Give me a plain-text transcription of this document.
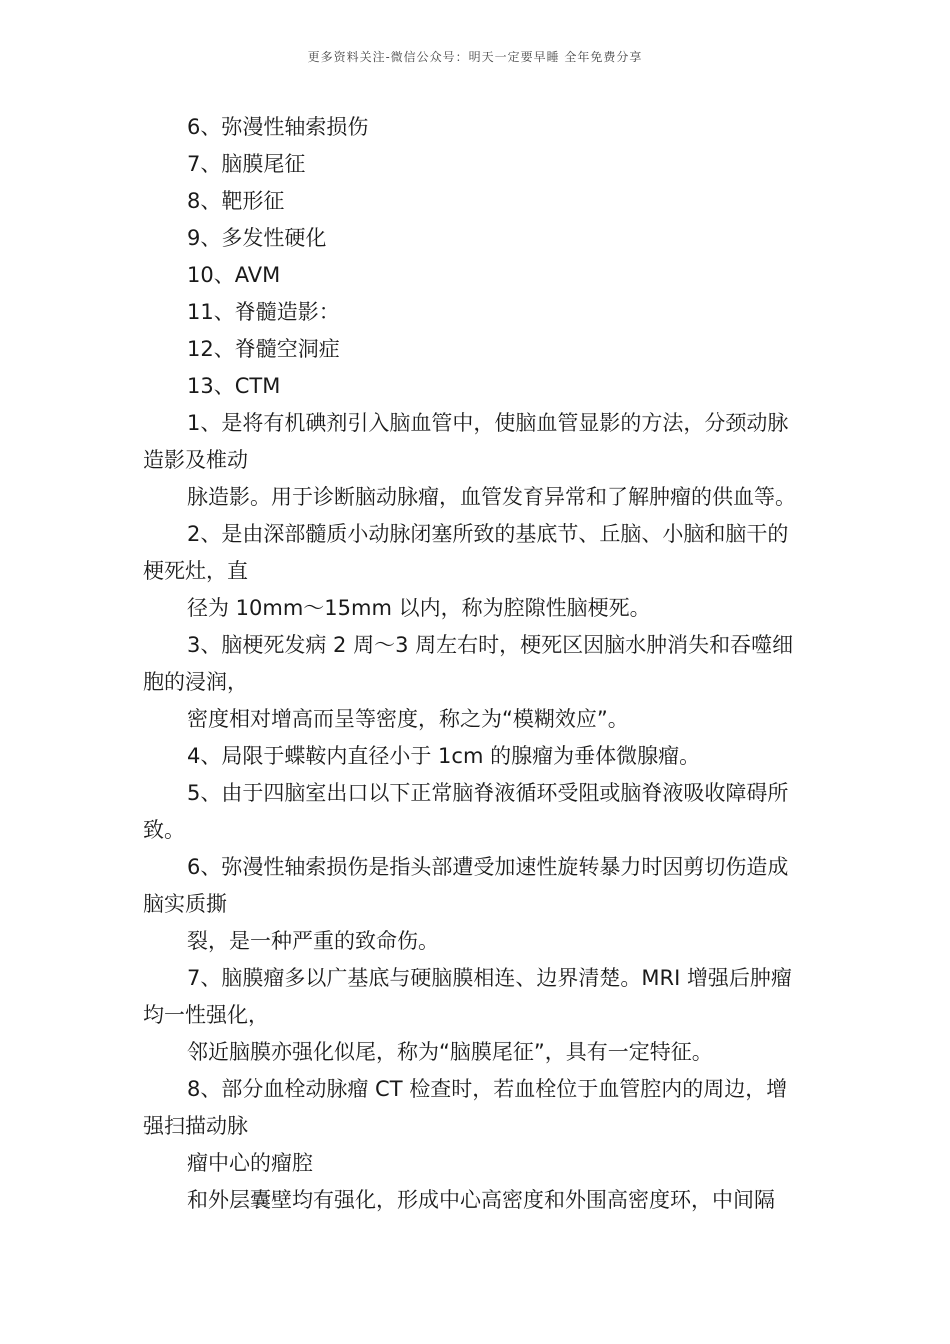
更多资料关注-微信公众号：明天一定要早睡 全年免费分享
6、弥漫性轴索损伤
7、脑膜尾征
8、靶形征
9、多发性硬化
10、AVM
11、脊髓造影：
12、脊髓空洞症
13、CTM
1、是将有机碘剂引入脑血管中，使脑血管显影的方法，分颈动脉
造影及椎动
脉造影。用于诊断脑动脉瘤，血管发育异常和了解肿瘤的供血等。
2、是由深部髓质小动脉闭塞所致的基底节、丘脑、小脑和脑干的
梗死灶，直
径为 10mm～15mm 以内，称为腔隙性脑梗死。
3、脑梗死发病 2 周～3 周左右时，梗死区因脑水肿消失和吞噬细
胞的浸润，
密度相对增高而呈等密度，称之为“模糊效应”。
4、局限于蝶鞍内直径小于 1cm 的腺瘤为垂体微腺瘤。
5、由于四脑室出口以下正常脑脊液循环受阻或脑脊液吸收障碍所
致。
6、弥漫性轴索损伤是指头部遭受加速性旋转暴力时因剪切伤造成
脑实质撕
裂，是一种严重的致命伤。
7、脑膜瘤多以广基底与硬脑膜相连、边界清楚。MRI 增强后肿瘤
均一性强化，
邻近脑膜亦强化似尾，称为“脑膜尾征”，具有一定特征。
8、部分血栓动脉瘤 CT 检查时，若血栓位于血管腔内的周边，增
强扫描动脉
瘤中心的瘤腔
和外层囊壁均有强化，形成中心高密度和外围高密度环，中间隔
